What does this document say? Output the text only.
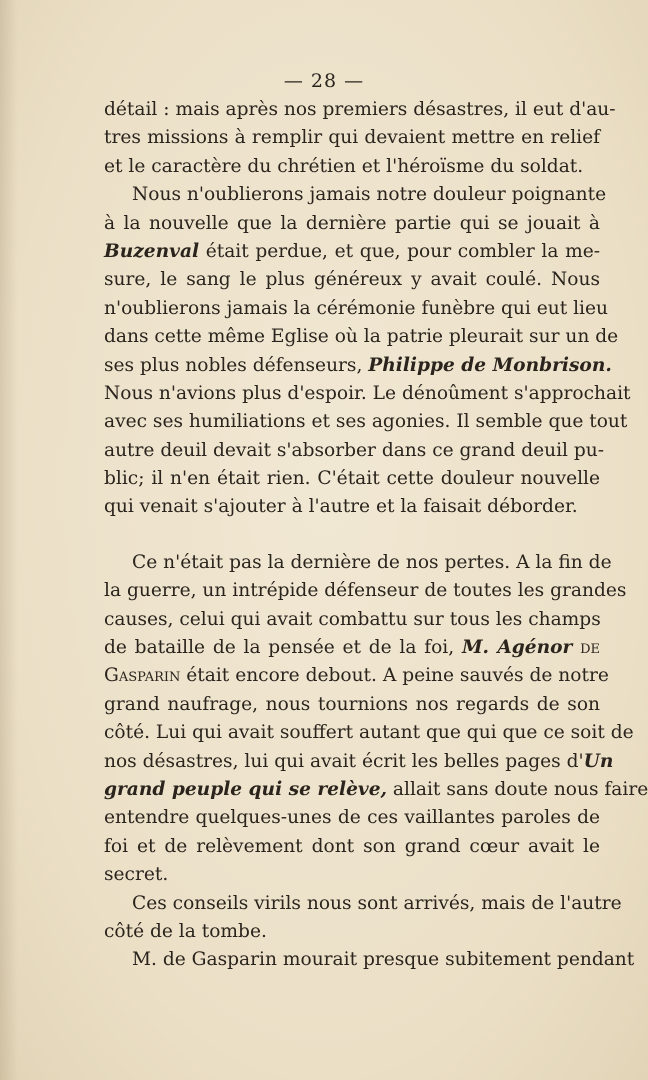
— 28 —
détail : mais après nos premiers désastres, il eut d'au-
tres missions à remplir qui devaient mettre en relief
et le caractère du chrétien et l'héroïsme du soldat.
Nous n'oublierons jamais notre douleur poignante
à la nouvelle que la dernière partie qui se jouait à
Buzenval était perdue, et que, pour combler la me-
sure, le sang le plus généreux y avait coulé. Nous
n'oublierons jamais la cérémonie funèbre qui eut lieu
dans cette même Eglise où la patrie pleurait sur un de
ses plus nobles défenseurs, Philippe de Monbrison.
Nous n'avions plus d'espoir. Le dénoûment s'approchait
avec ses humiliations et ses agonies. Il semble que tout
autre deuil devait s'absorber dans ce grand deuil pu-
blic; il n'en était rien. C'était cette douleur nouvelle
qui venait s'ajouter à l'autre et la faisait déborder.
Ce n'était pas la dernière de nos pertes. A la fin de
la guerre, un intrépide défenseur de toutes les grandes
causes, celui qui avait combattu sur tous les champs
de bataille de la pensée et de la foi, M. Agénor de
Gasparin était encore debout. A peine sauvés de notre
grand naufrage, nous tournions nos regards de son
côté. Lui qui avait souffert autant que qui que ce soit de
nos désastres, lui qui avait écrit les belles pages d'Un
grand peuple qui se relève, allait sans doute nous faire
entendre quelques-unes de ces vaillantes paroles de
foi et de relèvement dont son grand cœur avait le
secret.
Ces conseils virils nous sont arrivés, mais de l'autre
côté de la tombe.
M. de Gasparin mourait presque subitement pendant
